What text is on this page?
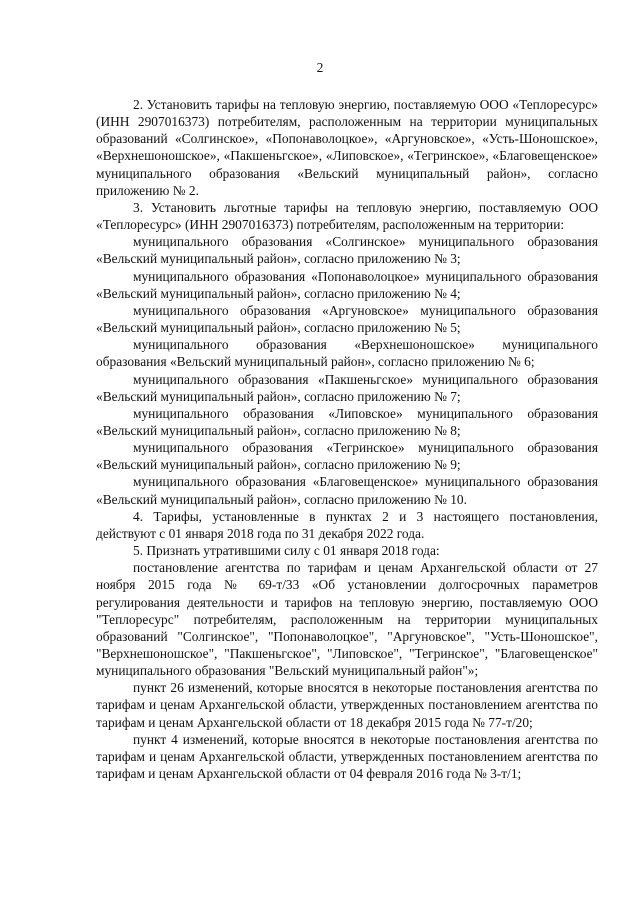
2

2. Установить тарифы на тепловую энергию, поставляемую ООО «Теплоресурс» (ИНН 2907016373) потребителям, расположенным на территории муниципальных образований «Солгинское», «Попонаволоцкое», «Аргуновское», «Усть-Шоношское», «Верхнешоношское», «Пакшеньгское», «Липовское», «Тегринское», «Благовещенское» муниципального образования «Вельский муниципальный район», согласно приложению № 2.

3. Установить льготные тарифы на тепловую энергию, поставляемую ООО «Теплоресурс» (ИНН 2907016373) потребителям, расположенным на территории:

муниципального образования «Солгинское» муниципального образования «Вельский муниципальный район», согласно приложению № 3;

муниципального образования «Попонаволоцкое» муниципального образования «Вельский муниципальный район», согласно приложению № 4;

муниципального образования «Аргуновское» муниципального образования «Вельский муниципальный район», согласно приложению № 5;

муниципального образования «Верхнешоношское» муниципального образования «Вельский муниципальный район», согласно приложению № 6;

муниципального образования «Пакшеньгское» муниципального образования «Вельский муниципальный район», согласно приложению № 7;

муниципального образования «Липовское» муниципального образования «Вельский муниципальный район», согласно приложению № 8;

муниципального образования «Тегринское» муниципального образования «Вельский муниципальный район», согласно приложению № 9;

муниципального образования «Благовещенское» муниципального образования «Вельский муниципальный район», согласно приложению № 10.

4. Тарифы, установленные в пунктах 2 и 3 настоящего постановления, действуют с 01 января 2018 года по 31 декабря 2022 года.

5. Признать утратившими силу с 01 января 2018 года:

постановление агентства по тарифам и ценам Архангельской области от 27 ноября 2015 года № 69-т/33 «Об установлении долгосрочных параметров регулирования деятельности и тарифов на тепловую энергию, поставляемую ООО "Теплоресурс" потребителям, расположенным на территории муниципальных образований "Солгинское", "Попонаволоцкое", "Аргуновское", "Усть-Шоношское", "Верхнешоношское", "Пакшеньгское", "Липовское", "Тегринское", "Благовещенское" муниципального образования "Вельский муниципальный район"»;

пункт 26 изменений, которые вносятся в некоторые постановления агентства по тарифам и ценам Архангельской области, утвержденных постановлением агентства по тарифам и ценам Архангельской области от 18 декабря 2015 года № 77-т/20;

пункт 4 изменений, которые вносятся в некоторые постановления агентства по тарифам и ценам Архангельской области, утвержденных постановлением агентства по тарифам и ценам Архангельской области от 04 февраля 2016 года № 3-т/1;
